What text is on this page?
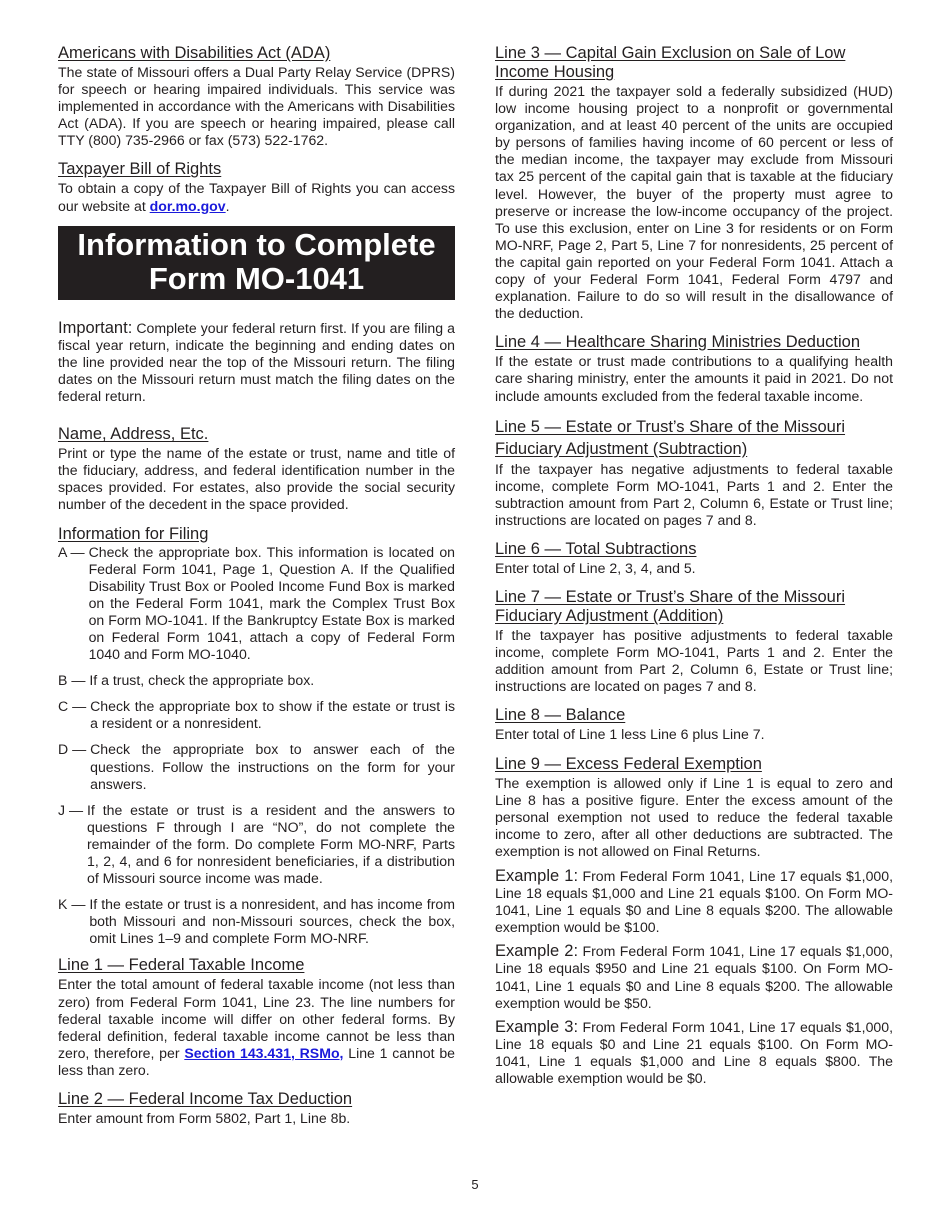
Americans with Disabilities Act (ADA)

The state of Missouri offers a Dual Party Relay Service (DPRS) for speech or hearing impaired individuals. This service was implemented in accordance with the Americans with Disabilities Act (ADA). If you are speech or hearing impaired, please call TTY (800) 735-2966 or fax (573) 522-1762.

Taxpayer Bill of Rights

To obtain a copy of the Taxpayer Bill of Rights you can access our website at dor.mo.gov.

Information to Complete
Form MO-1041

Important: Complete your federal return first. If you are filing a fiscal year return, indicate the beginning and ending dates on the line provided near the top of the Missouri return. The filing dates on the Missouri return must match the filing dates on the federal return.

Name, Address, Etc.

Print or type the name of the estate or trust, name and title of the fiduciary, address, and federal identification number in the spaces provided. For estates, also provide the social security number of the decedent in the space provided.

Information for Filing
A — Check the appropriate box. This information is located on Federal Form 1041, Page 1, Question A. If the Qualified Disability Trust Box or Pooled Income Fund Box is marked on the Federal Form 1041, mark the Complex Trust Box on Form MO-1041. If the Bankruptcy Estate Box is marked on Federal Form 1041, attach a copy of Federal Form 1040 and Form MO-1040.

B — If a trust, check the appropriate box.

C — Check the appropriate box to show if the estate or trust is a resident or a nonresident.

D — Check the appropriate box to answer each of the questions. Follow the instructions on the form for your answers.

J — If the estate or trust is a resident and the answers to questions F through I are “NO”, do not complete the remainder of the form. Do complete Form MO-NRF, Parts 1, 2, 4, and 6 for nonresident beneficiaries, if a distribution of Missouri source income was made.

K — If the estate or trust is a nonresident, and has income from both Missouri and non-Missouri sources, check the box, omit Lines 1–9 and complete Form MO-NRF.

Line 1 — Federal Taxable Income

Enter the total amount of federal taxable income (not less than zero) from Federal Form 1041, Line 23. The line numbers for federal taxable income will differ on other federal forms. By federal definition, federal taxable income cannot be less than zero, therefore, per Section 143.431, RSMo, Line 1 cannot be less than zero.

Line 2 — Federal Income Tax Deduction

Enter amount from Form 5802, Part 1, Line 8b.

Line 3 — Capital Gain Exclusion on Sale of Low Income Housing

If during 2021 the taxpayer sold a federally subsidized (HUD) low income housing project to a nonprofit or governmental organization, and at least 40 percent of the units are occupied by persons of families having income of 60 percent or less of the median income, the taxpayer may exclude from Missouri tax 25 percent of the capital gain that is taxable at the fiduciary level. However, the buyer of the property must agree to preserve or increase the low-income occupancy of the project. To use this exclusion, enter on Line 3 for residents or on Form MO-NRF, Page 2, Part 5, Line 7 for nonresidents, 25 percent of the capital gain reported on your Federal Form 1041. Attach a copy of your Federal Form 1041, Federal Form 4797 and explanation. Failure to do so will result in the disallowance of the deduction.

Line 4 — Healthcare Sharing Ministries Deduction

If the estate or trust made contributions to a qualifying health care sharing ministry, enter the amounts it paid in 2021. Do not include amounts excluded from the federal taxable income.

Line 5 — Estate or Trust’s Share of the Missouri Fiduciary Adjustment (Subtraction)

If the taxpayer has negative adjustments to federal taxable income, complete Form MO-1041, Parts 1 and 2. Enter the subtraction amount from Part 2, Column 6, Estate or Trust line; instructions are located on pages 7 and 8.

Line 6 — Total Subtractions

Enter total of Line 2, 3, 4, and 5.

Line 7 — Estate or Trust’s Share of the Missouri Fiduciary Adjustment (Addition)

If the taxpayer has positive adjustments to federal taxable income, complete Form MO-1041, Parts 1 and 2. Enter the addition amount from Part 2, Column 6, Estate or Trust line; instructions are located on pages 7 and 8.

Line 8 — Balance

Enter total of Line 1 less Line 6 plus Line 7.

Line 9 — Excess Federal Exemption

The exemption is allowed only if Line 1 is equal to zero and Line 8 has a positive figure. Enter the excess amount of the personal exemption not used to reduce the federal taxable income to zero, after all other deductions are subtracted. The exemption is not allowed on Final Returns.

Example 1: From Federal Form 1041, Line 17 equals $1,000, Line 18 equals $1,000 and Line 21 equals $100. On Form MO-1041, Line 1 equals $0 and Line 8 equals $200. The allowable exemption would be $100.

Example 2: From Federal Form 1041, Line 17 equals $1,000, Line 18 equals $950 and Line 21 equals $100. On Form MO-1041, Line 1 equals $0 and Line 8 equals $200. The allowable exemption would be $50.

Example 3: From Federal Form 1041, Line 17 equals $1,000, Line 18 equals $0 and Line 21 equals $100. On Form MO-1041, Line 1 equals $1,000 and Line 8 equals $800. The allowable exemption would be $0.

5
